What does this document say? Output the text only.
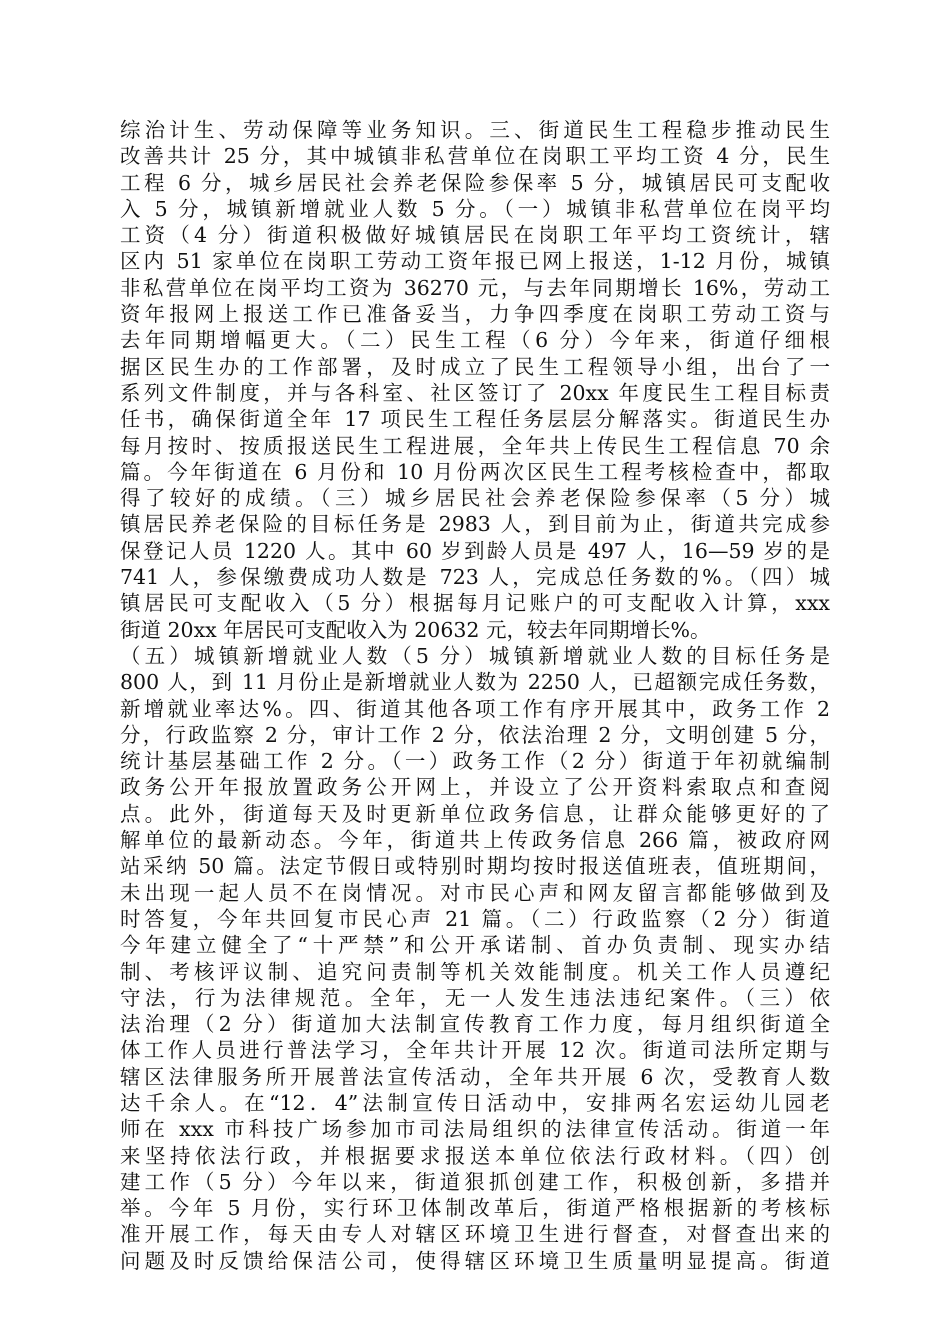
综治计生、劳动保障等业务知识。三、街道民生工程稳步推动民生
改善共计 25 分，其中城镇非私营单位在岗职工平均工资 4 分，民生
工程 6 分，城乡居民社会养老保险参保率 5 分，城镇居民可支配收
入 5 分，城镇新增就业人数 5 分。（一）城镇非私营单位在岗平均
工资（4 分）街道积极做好城镇居民在岗职工年平均工资统计，辖
区内 51 家单位在岗职工劳动工资年报已网上报送，1-12 月份，城镇
非私营单位在岗平均工资为 36270 元，与去年同期增长 16%，劳动工
资年报网上报送工作已准备妥当，力争四季度在岗职工劳动工资与
去年同期增幅更大。（二）民生工程（6 分）今年来，街道仔细根
据区民生办的工作部署，及时成立了民生工程领导小组，出台了一
系列文件制度，并与各科室、社区签订了 20xx 年度民生工程目标责
任书，确保街道全年 17 项民生工程任务层层分解落实。街道民生办
每月按时、按质报送民生工程进展，全年共上传民生工程信息 70 余
篇。今年街道在 6 月份和 10 月份两次区民生工程考核检查中，都取
得了较好的成绩。（三）城乡居民社会养老保险参保率（5 分）城
镇居民养老保险的目标任务是 2983 人，到目前为止，街道共完成参
保登记人员 1220 人。其中 60 岁到龄人员是 497 人，16—59 岁的是
741 人，参保缴费成功人数是 723 人，完成总任务数的%。（四）城
镇居民可支配收入（5 分）根据每月记账户的可支配收入计算，xxx
街道 20xx 年居民可支配收入为 20632 元，较去年同期增长%。
（五）城镇新增就业人数（5 分）城镇新增就业人数的目标任务是
800 人，到 11 月份止是新增就业人数为 2250 人，已超额完成任务数，
新增就业率达%。四、街道其他各项工作有序开展其中，政务工作 2
分，行政监察 2 分，审计工作 2 分，依法治理 2 分，文明创建 5 分，
统计基层基础工作 2 分。（一）政务工作（2 分）街道于年初就编制
政务公开年报放置政务公开网上，并设立了公开资料索取点和查阅
点。此外，街道每天及时更新单位政务信息，让群众能够更好的了
解单位的最新动态。今年，街道共上传政务信息 266 篇，被政府网
站采纳 50 篇。法定节假日或特别时期均按时报送值班表，值班期间，
未出现一起人员不在岗情况。对市民心声和网友留言都能够做到及
时答复，今年共回复市民心声 21 篇。（二）行政监察（2 分）街道
今年建立健全了“十严禁”和公开承诺制、首办负责制、现实办结
制、考核评议制、追究问责制等机关效能制度。机关工作人员遵纪
守法，行为法律规范。全年，无一人发生违法违纪案件。（三）依
法治理（2 分）街道加大法制宣传教育工作力度，每月组织街道全
体工作人员进行普法学习，全年共计开展 12 次。街道司法所定期与
辖区法律服务所开展普法宣传活动，全年共开展 6 次，受教育人数
达千余人。在“12．4”法制宣传日活动中，安排两名宏运幼儿园老
师在 xxx 市科技广场参加市司法局组织的法律宣传活动。街道一年
来坚持依法行政，并根据要求报送本单位依法行政材料。（四）创
建工作（5 分）今年以来，街道狠抓创建工作，积极创新，多措并
举。今年 5 月份，实行环卫体制改革后，街道严格根据新的考核标
准开展工作，每天由专人对辖区环境卫生进行督查，对督查出来的
问题及时反馈给保洁公司，使得辖区环境卫生质量明显提高。街道
